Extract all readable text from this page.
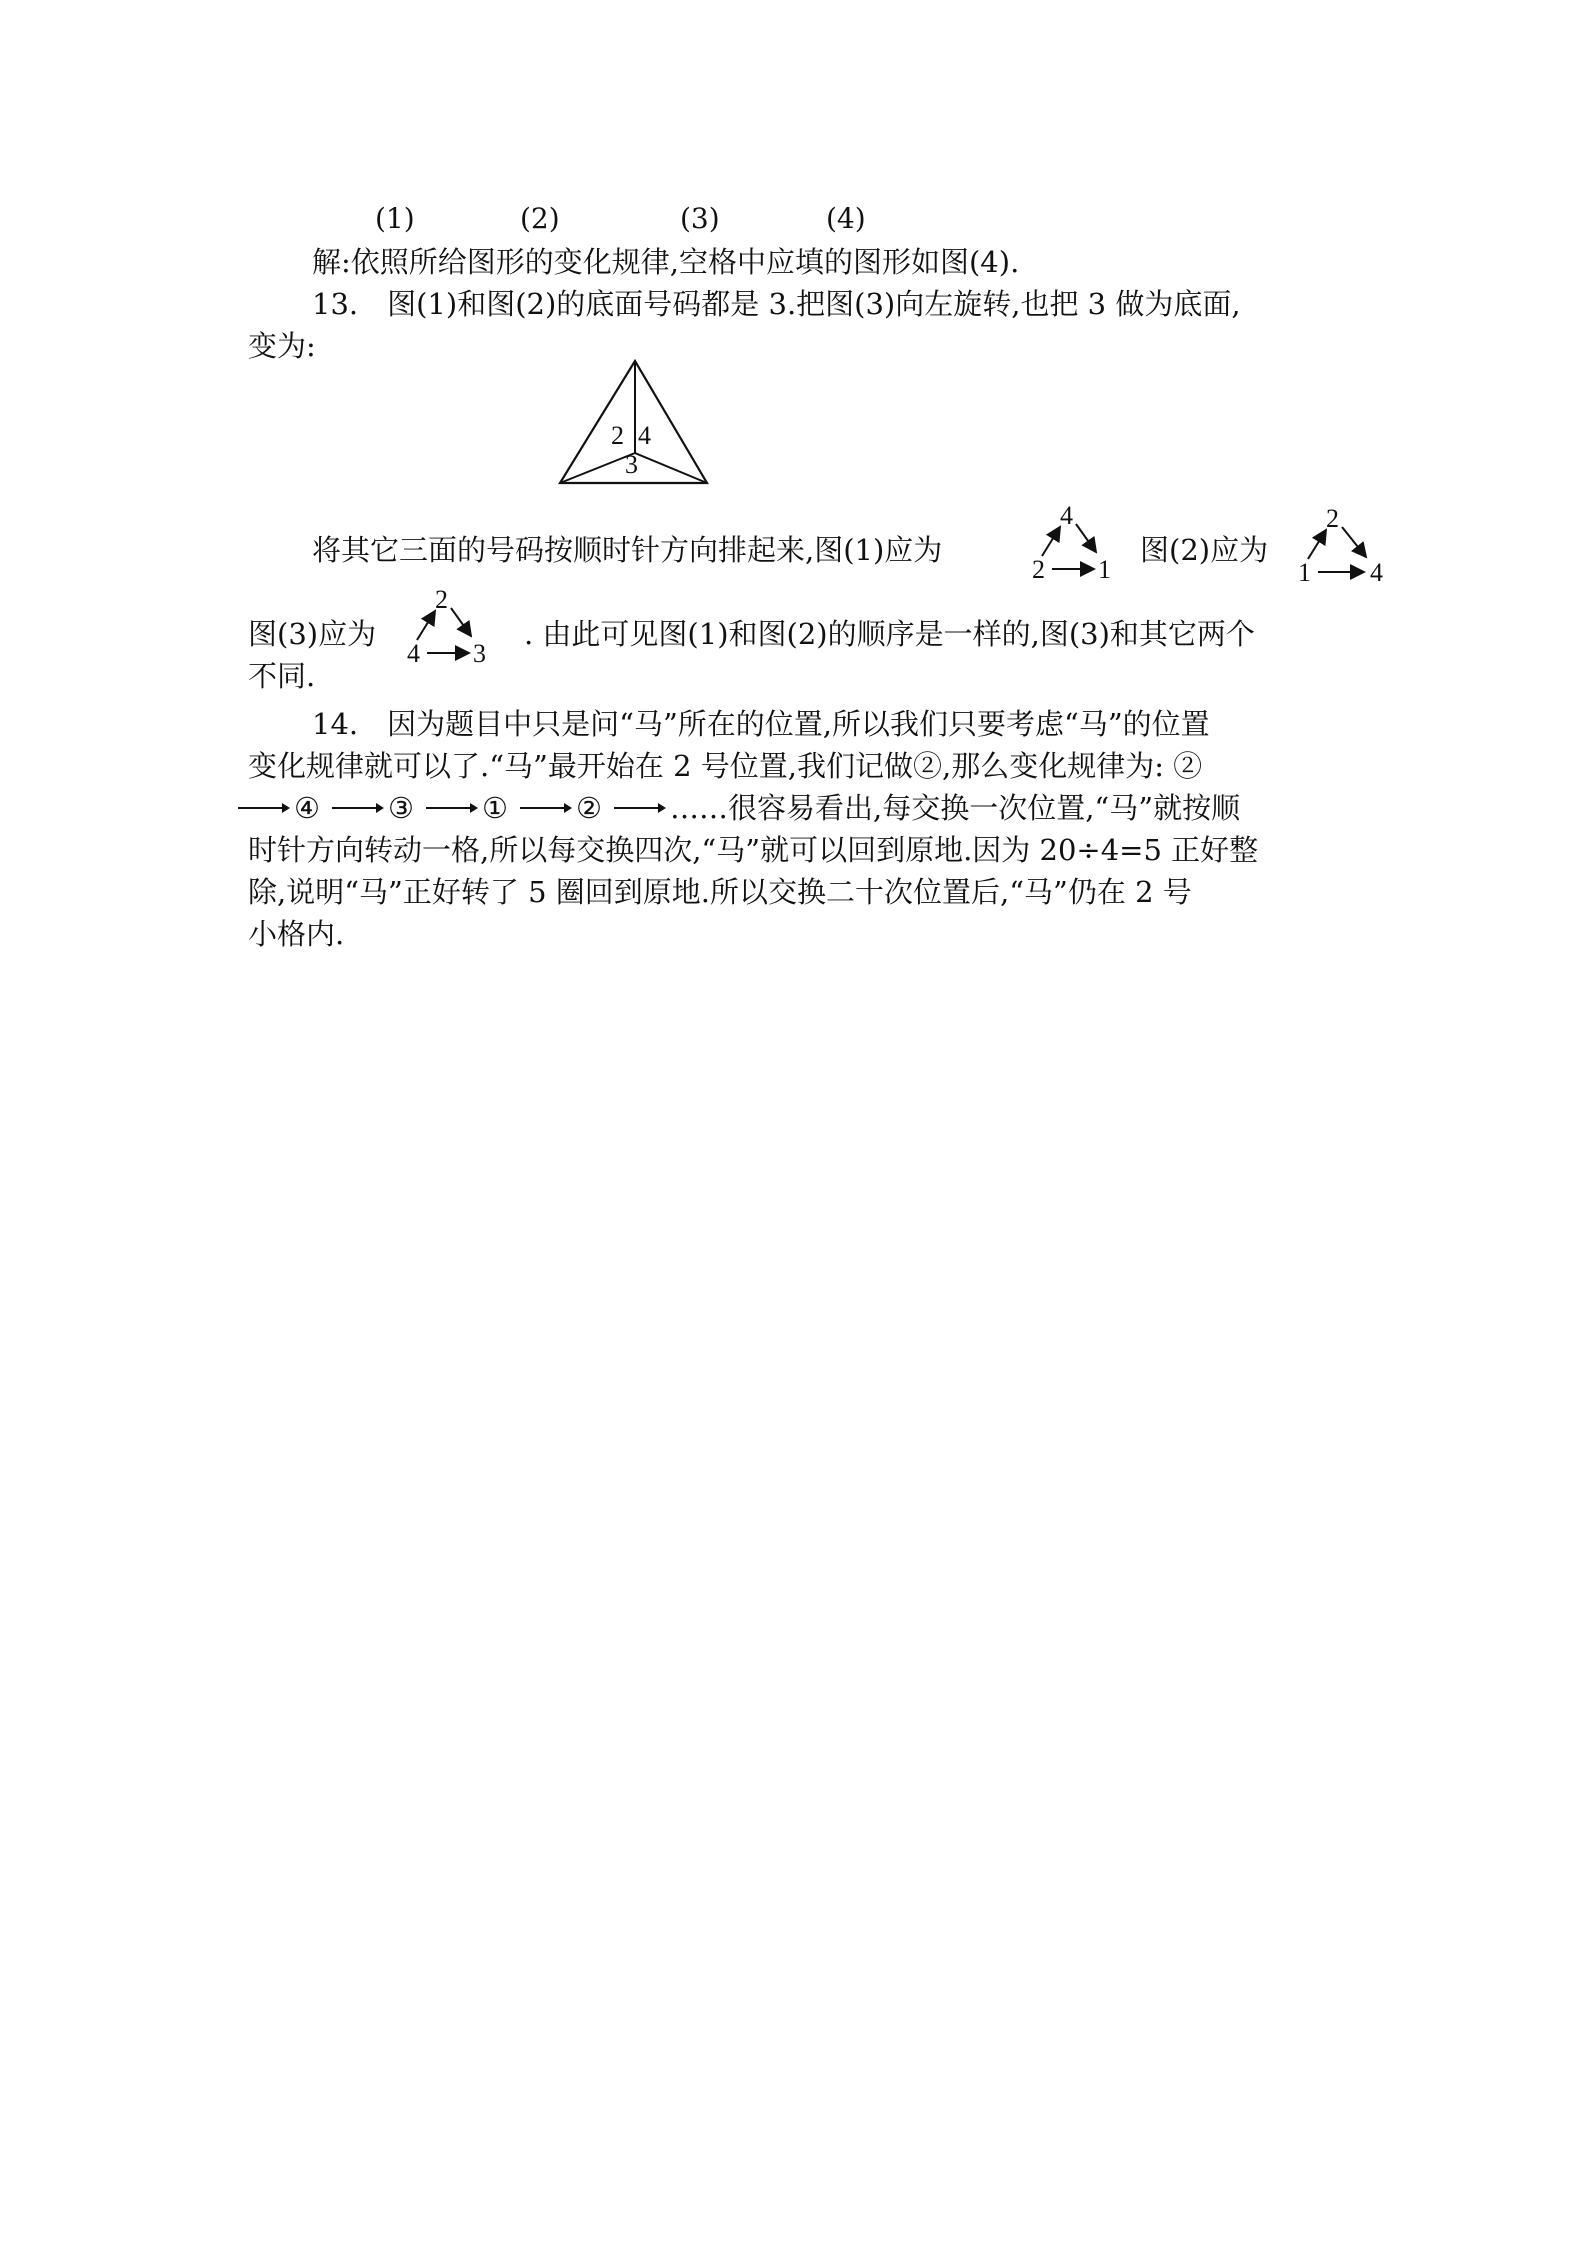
(1)	(2)	(3)	(4)
解:依照所给图形的变化规律,空格中应填的图形如图(4).
13.　图(1)和图(2)的底面号码都是 3.把图(3)向左旋转,也把 3 做为底面,
变为:
2 4
3
将其它三面的号码按顺时针方向排起来,图(1)应为
4
2 1
图(2)应为
2
1 4
图(3)应为
2
4 3
. 由此可见图(1)和图(2)的顺序是一样的,图(3)和其它两个
不同.
14.　因为题目中只是问“马”所在的位置,所以我们只要考虑“马”的位置
变化规律就可以了.“马”最开始在 2 号位置,我们记做②,那么变化规律为: ②
④ ③ ① ② ……很容易看出,每交换一次位置,“马”就按顺
时针方向转动一格,所以每交换四次,“马”就可以回到原地.因为 20÷4=5 正好整
除,说明“马”正好转了 5 圈回到原地.所以交换二十次位置后,“马”仍在 2 号
小格内.
